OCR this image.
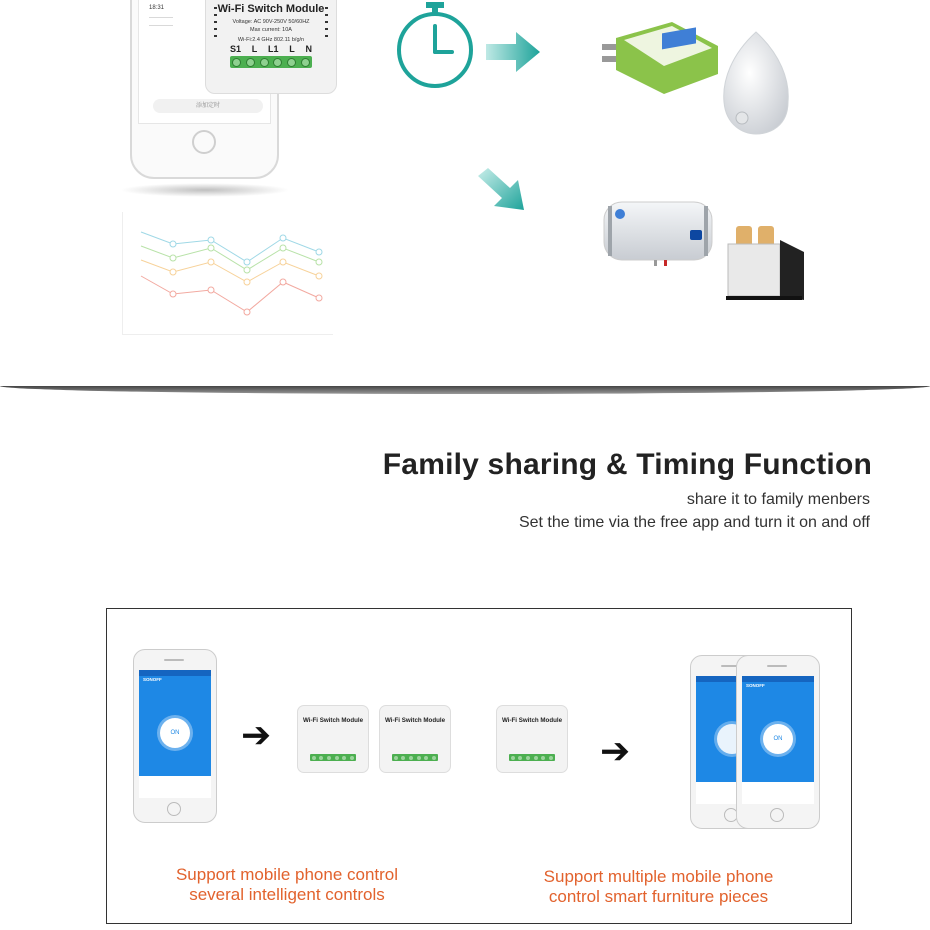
18:31
————
————
添加定时
Wi-Fi Switch Module
Voltage: AC 90V-250V 50/60HZ
Max current: 10A
Wi-Fi:2.4 GHz 802.11 b/g/n
S1 L L1 L N
Family sharing & Timing Function
share it to family menbers
Set the time via the free app and turn it on and off
SONOFF
ON ➔	Wi-Fi Switch Module	Wi-Fi Switch Module
Support mobile phone control
several intelligent controls
Wi-Fi Switch Module
➔
SONOFF
ON
Support multiple mobile phone
control smart furniture pieces
